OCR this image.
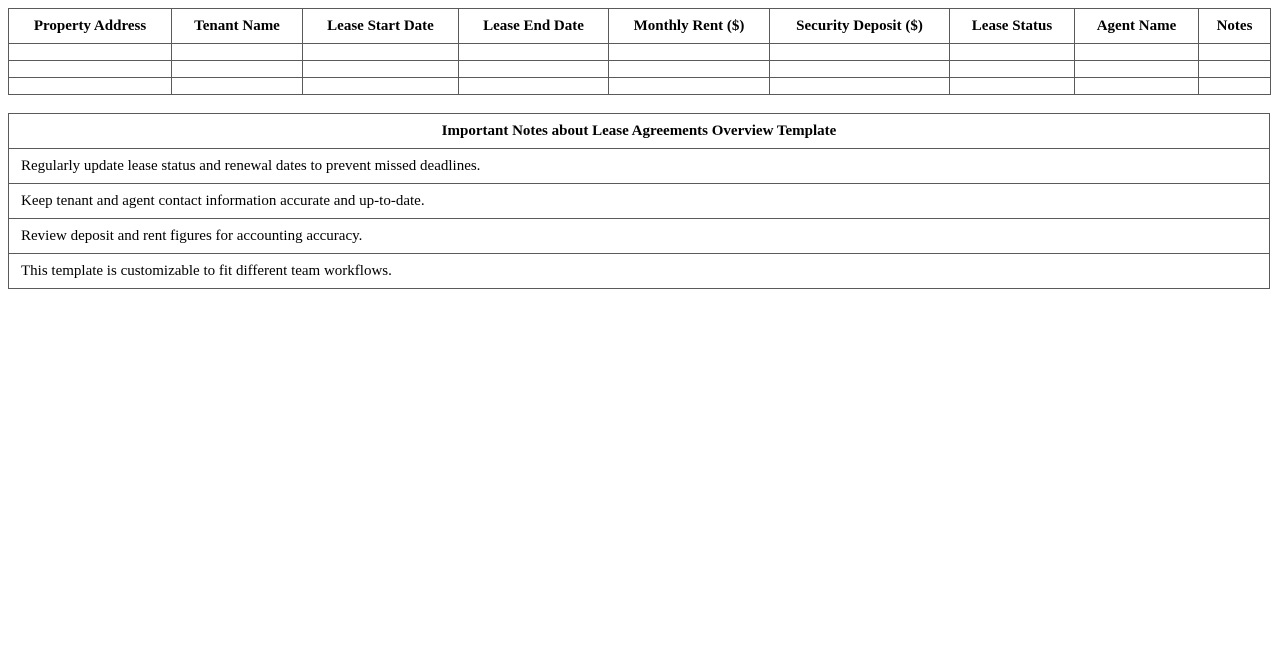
Property Address	Tenant Name	Lease Start Date	Lease End Date	Monthly Rent ($)	Security Deposit ($)	Lease Status	Agent Name	Notes

Important Notes about Lease Agreements Overview Template
Regularly update lease status and renewal dates to prevent missed deadlines.
Keep tenant and agent contact information accurate and up-to-date.
Review deposit and rent figures for accounting accuracy.
This template is customizable to fit different team workflows.
